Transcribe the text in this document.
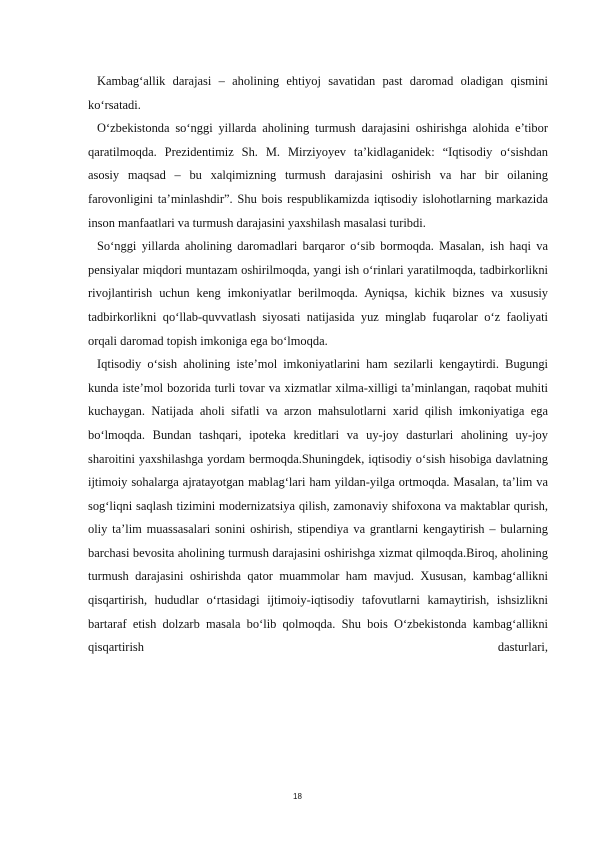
Kambag‘allik darajasi – aholining ehtiyoj savatidan past daromad oladigan qismini ko‘rsatadi.

O‘zbekistonda so‘nggi yillarda aholining turmush darajasini oshirishga alohida e’tibor qaratilmoqda. Prezidentimiz Sh. M. Mirziyoyev ta’kidlaganidek: “Iqtisodiy o‘sishdan asosiy maqsad – bu xalqimizning turmush darajasini oshirish va har bir oilaning farovonligini ta’minlashdir”. Shu bois respublikamizda iqtisodiy islohotlarning markazida inson manfaatlari va turmush darajasini yaxshilash masalasi turibdi.

So‘nggi yillarda aholining daromadlari barqaror o‘sib bormoqda. Masalan, ish haqi va pensiyalar miqdori muntazam oshirilmoqda, yangi ish o‘rinlari yaratilmoqda, tadbirkorlikni rivojlantirish uchun keng imkoniyatlar berilmoqda. Ayniqsa, kichik biznes va xususiy tadbirkorlikni qo‘llab-quvvatlash siyosati natijasida yuz minglab fuqarolar o‘z faoliyati orqali daromad topish imkoniga ega bo‘lmoqda.

Iqtisodiy o‘sish aholining iste’mol imkoniyatlarini ham sezilarli kengaytirdi. Bugungi kunda iste’mol bozorida turli tovar va xizmatlar xilma-xilligi ta’minlangan, raqobat muhiti kuchaygan. Natijada aholi sifatli va arzon mahsulotlarni xarid qilish imkoniyatiga ega bo‘lmoqda. Bundan tashqari, ipoteka kreditlari va uy-joy dasturlari aholining uy-joy sharoitini yaxshilashga yordam bermoqda.Shuningdek, iqtisodiy o‘sish hisobiga davlatning ijtimoiy sohalarga ajratayotgan mablag‘lari ham yildan-yilga ortmoqda. Masalan, ta’lim va sog‘liqni saqlash tizimini modernizatsiya qilish, zamonaviy shifoxona va maktablar qurish, oliy ta’lim muassasalari sonini oshirish, stipendiya va grantlarni kengaytirish – bularning barchasi bevosita aholining turmush darajasini oshirishga xizmat qilmoqda.Biroq, aholining turmush darajasini oshirishda qator muammolar ham mavjud. Xususan, kambag‘allikni qisqartirish, hududlar o‘rtasidagi ijtimoiy-iqtisodiy tafovutlarni kamaytirish, ishsizlikni bartaraf etish dolzarb masala bo‘lib qolmoqda. Shu bois O‘zbekistonda kambag‘allikni qisqartirish dasturlari,

18
